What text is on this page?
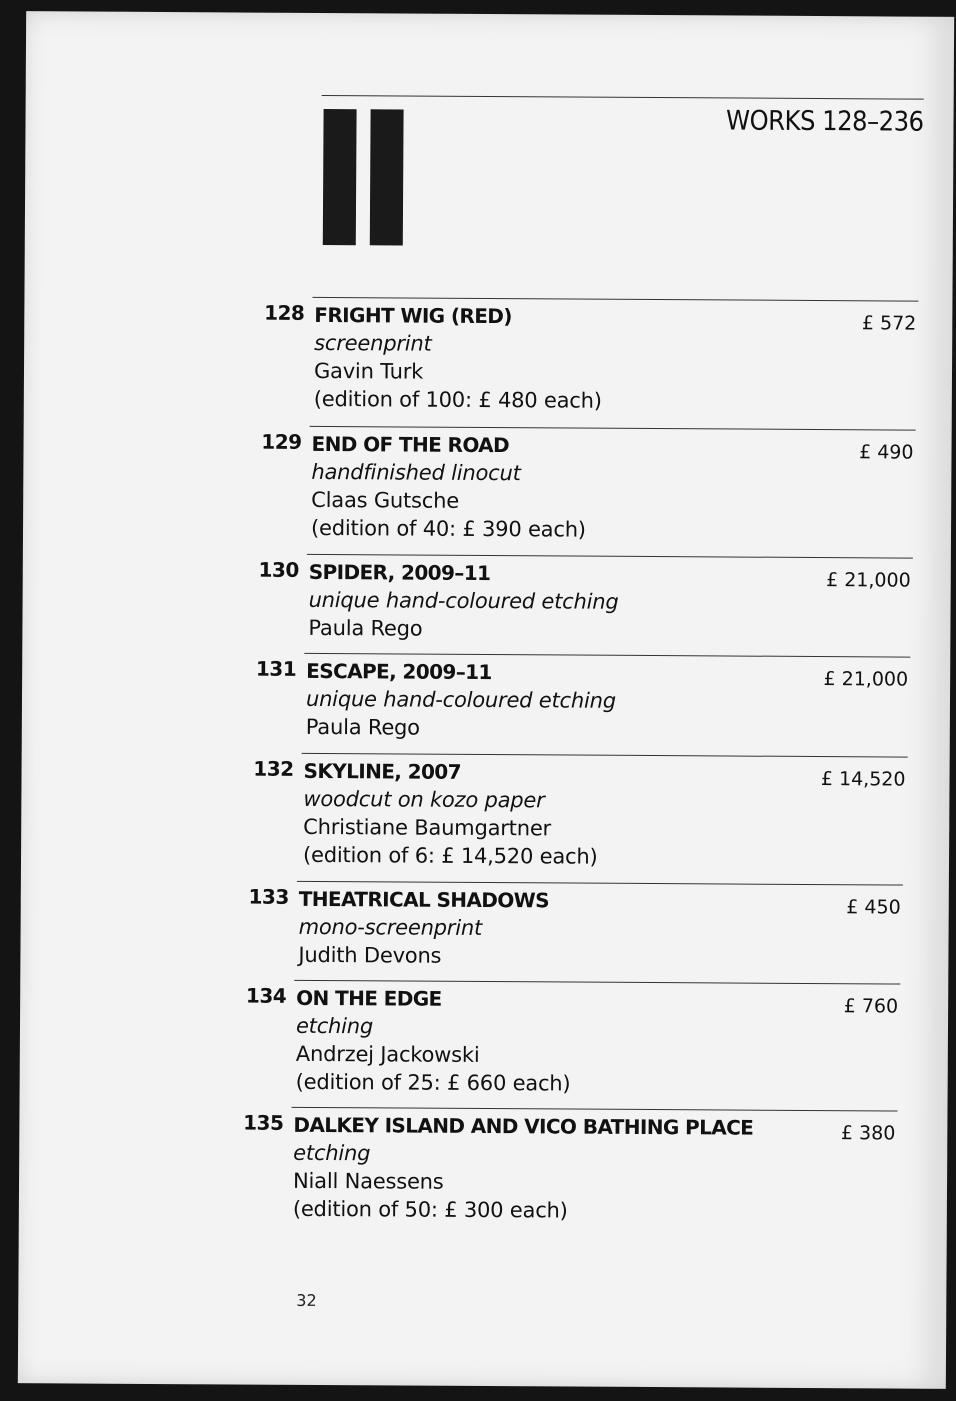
WORKS 128–236
128 FRIGHT WIG (RED)
screenprint
Gavin Turk
(edition of 100: £ 480 each)
£ 572
129 END OF THE ROAD
handfinished linocut
Claas Gutsche
(edition of 40: £ 390 each)
£ 490
130 SPIDER, 2009–11
unique hand-coloured etching
Paula Rego
£ 21,000
131 ESCAPE, 2009–11
unique hand-coloured etching
Paula Rego
£ 21,000
132 SKYLINE, 2007
woodcut on kozo paper
Christiane Baumgartner
(edition of 6: £ 14,520 each)
£ 14,520
133 THEATRICAL SHADOWS
mono-screenprint
Judith Devons
£ 450
134 ON THE EDGE
etching
Andrzej Jackowski
(edition of 25: £ 660 each)
£ 760
135 DALKEY ISLAND AND VICO BATHING PLACE
etching
Niall Naessens
(edition of 50: £ 300 each)
£ 380
32
